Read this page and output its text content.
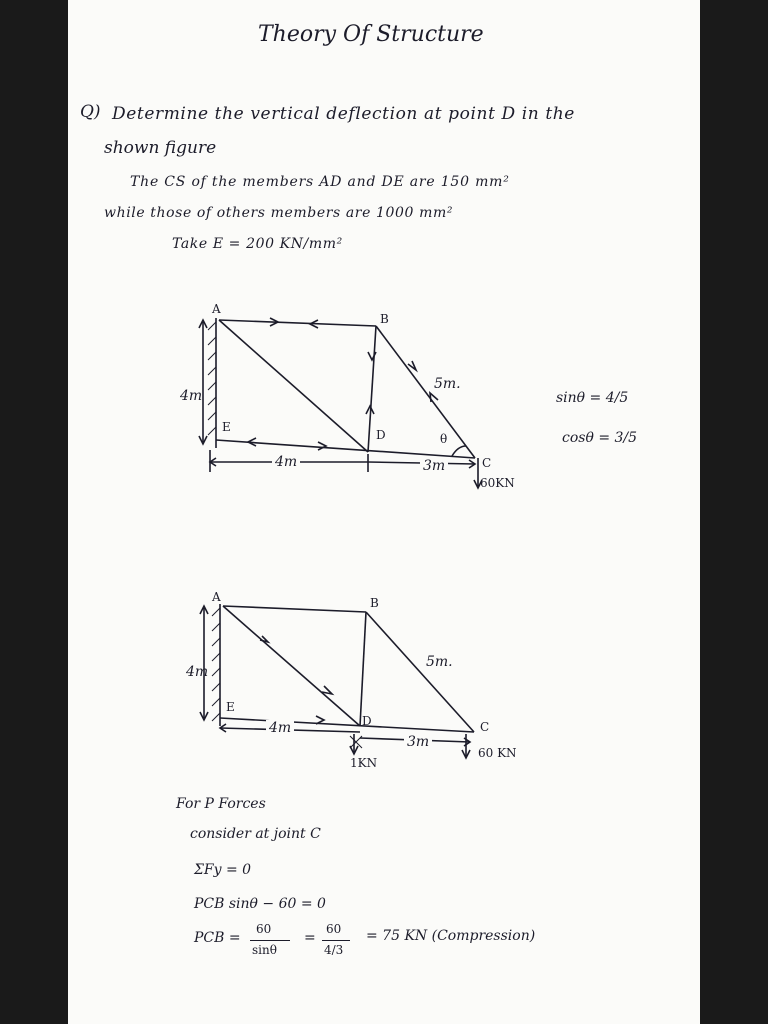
Theory Of Structure
Q) Determine the vertical deflection at point D in the
shown figure
The CS of the members AD and DE are 150 mm²
while those of others members are 1000 mm²
Take E = 200 KN/mm²
A
B
C
D
E
4m
4m	3m
5m.
θ
60KN
sinθ = 4/5
cosθ = 3/5
A	B
C
D
E
4m
4m
3m
5m.
60 KN
1KN
For P Forces
consider at joint C
ΣFy = 0
PCB sinθ − 60 = 0
PCB =
60
sinθ
=
60
4/3
= 75 KN (Compression)
